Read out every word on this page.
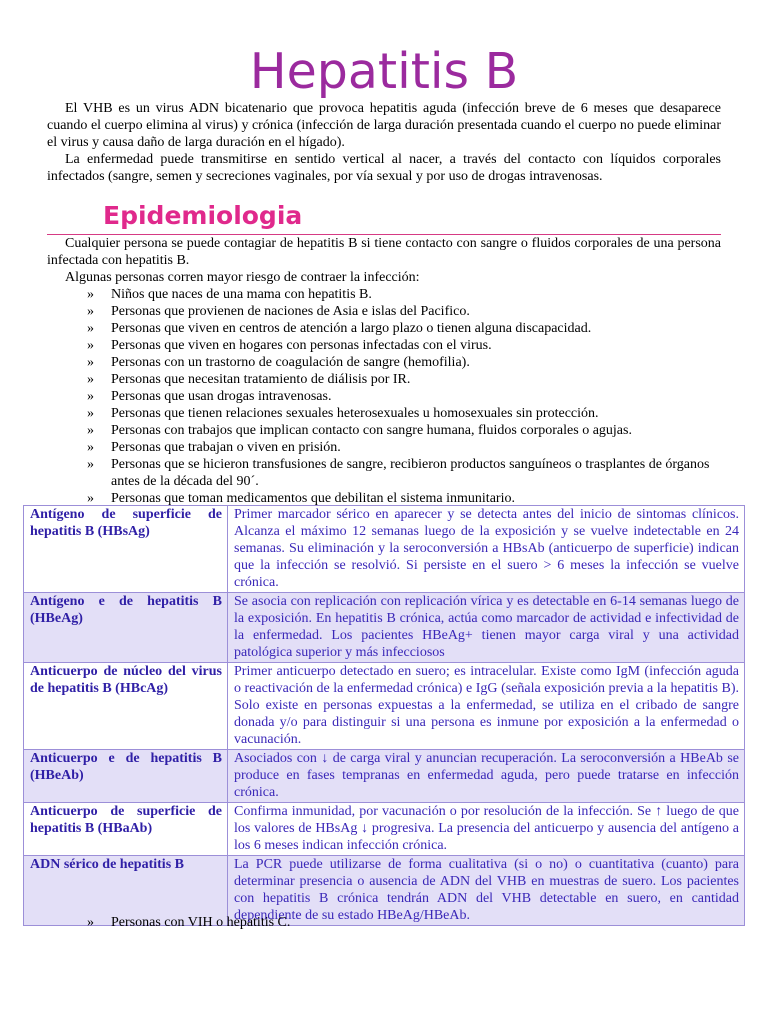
Hepatitis B

El VHB es un virus ADN bicatenario que provoca hepatitis aguda (infección breve de 6 meses que desaparece cuando el cuerpo elimina al virus) y crónica (infección de larga duración presentada cuando el cuerpo no puede eliminar el virus y causa daño de larga duración en el hígado).

La enfermedad puede transmitirse en sentido vertical al nacer, a través del contacto con líquidos corporales infectados (sangre, semen y secreciones vaginales, por vía sexual y por uso de drogas intravenosas.

Epidemiologia

Cualquier persona se puede contagiar de hepatitis B si tiene contacto con sangre o fluidos corporales de una persona infectada con hepatitis B.

Algunas personas corren mayor riesgo de contraer la infección:

» Niños que naces de una mama con hepatitis B.
» Personas que provienen de naciones de Asia e islas del Pacifico.
» Personas que viven en centros de atención a largo plazo o tienen alguna discapacidad.
» Personas que viven en hogares con personas infectadas con el virus.
» Personas con un trastorno de coagulación de sangre (hemofilia).
» Personas que necesitan tratamiento de diálisis por IR.
» Personas que usan drogas intravenosas.
» Personas que tienen relaciones sexuales heterosexuales u homosexuales sin protección.
» Personas con trabajos que implican contacto con sangre humana, fluidos corporales o agujas.
» Personas que trabajan o viven en prisión.
» Personas que se hicieron transfusiones de sangre, recibieron productos sanguíneos o trasplantes de órganos antes de la década del 90´.
» Personas que toman medicamentos que debilitan el sistema inmunitario.
Antígeno de superficie de hepatitis B (HBsAg)	Primer marcador sérico en aparecer y se detecta antes del inicio de sintomas clínicos. Alcanza el máximo 12 semanas luego de la exposición y se vuelve indetectable en 24 semanas. Su eliminación y la seroconversión a HBsAb (anticuerpo de superficie) indican que la infección se resolvió. Si persiste en el suero > 6 meses la infección se vuelve crónica.
Antígeno e de hepatitis B (HBeAg)	Se asocia con replicación con replicación vírica y es detectable en 6-14 semanas luego de la exposición. En hepatitis B crónica, actúa como marcador de actividad e infectividad de la enfermedad. Los pacientes HBeAg+ tienen mayor carga viral y una actividad patológica superior y más infecciosos
Anticuerpo de núcleo del virus de hepatitis B (HBcAg)	Primer anticuerpo detectado en suero; es intracelular. Existe como IgM (infección aguda o reactivación de la enfermedad crónica) e IgG (señala exposición previa a la hepatitis B). Solo existe en personas expuestas a la enfermedad, se utiliza en el cribado de sangre donada y/o para distinguir si una persona es inmune por exposición a la enfermedad o vacunación.
Anticuerpo e de hepatitis B (HBeAb)	Asociados con ↓ de carga viral y anuncian recuperación. La seroconversión a HBeAb se produce en fases tempranas en enfermedad aguda, pero puede tratarse en infección crónica.
Anticuerpo de superficie de hepatitis B (HBaAb)	Confirma inmunidad, por vacunación o por resolución de la infección. Se ↑ luego de que los valores de HBsAg ↓ progresiva. La presencia del anticuerpo y ausencia del antígeno a los 6 meses indican infección crónica.
ADN sérico de hepatitis B	La PCR puede utilizarse de forma cualitativa (si o no) o cuantitativa (cuanto) para determinar presencia o ausencia de ADN del VHB en muestras de suero. Los pacientes con hepatitis B crónica tendrán ADN del VHB detectable en suero, en cantidad dependiente de su estado HBeAg/HBeAb.
» Personas con VIH o hepatitis C.
